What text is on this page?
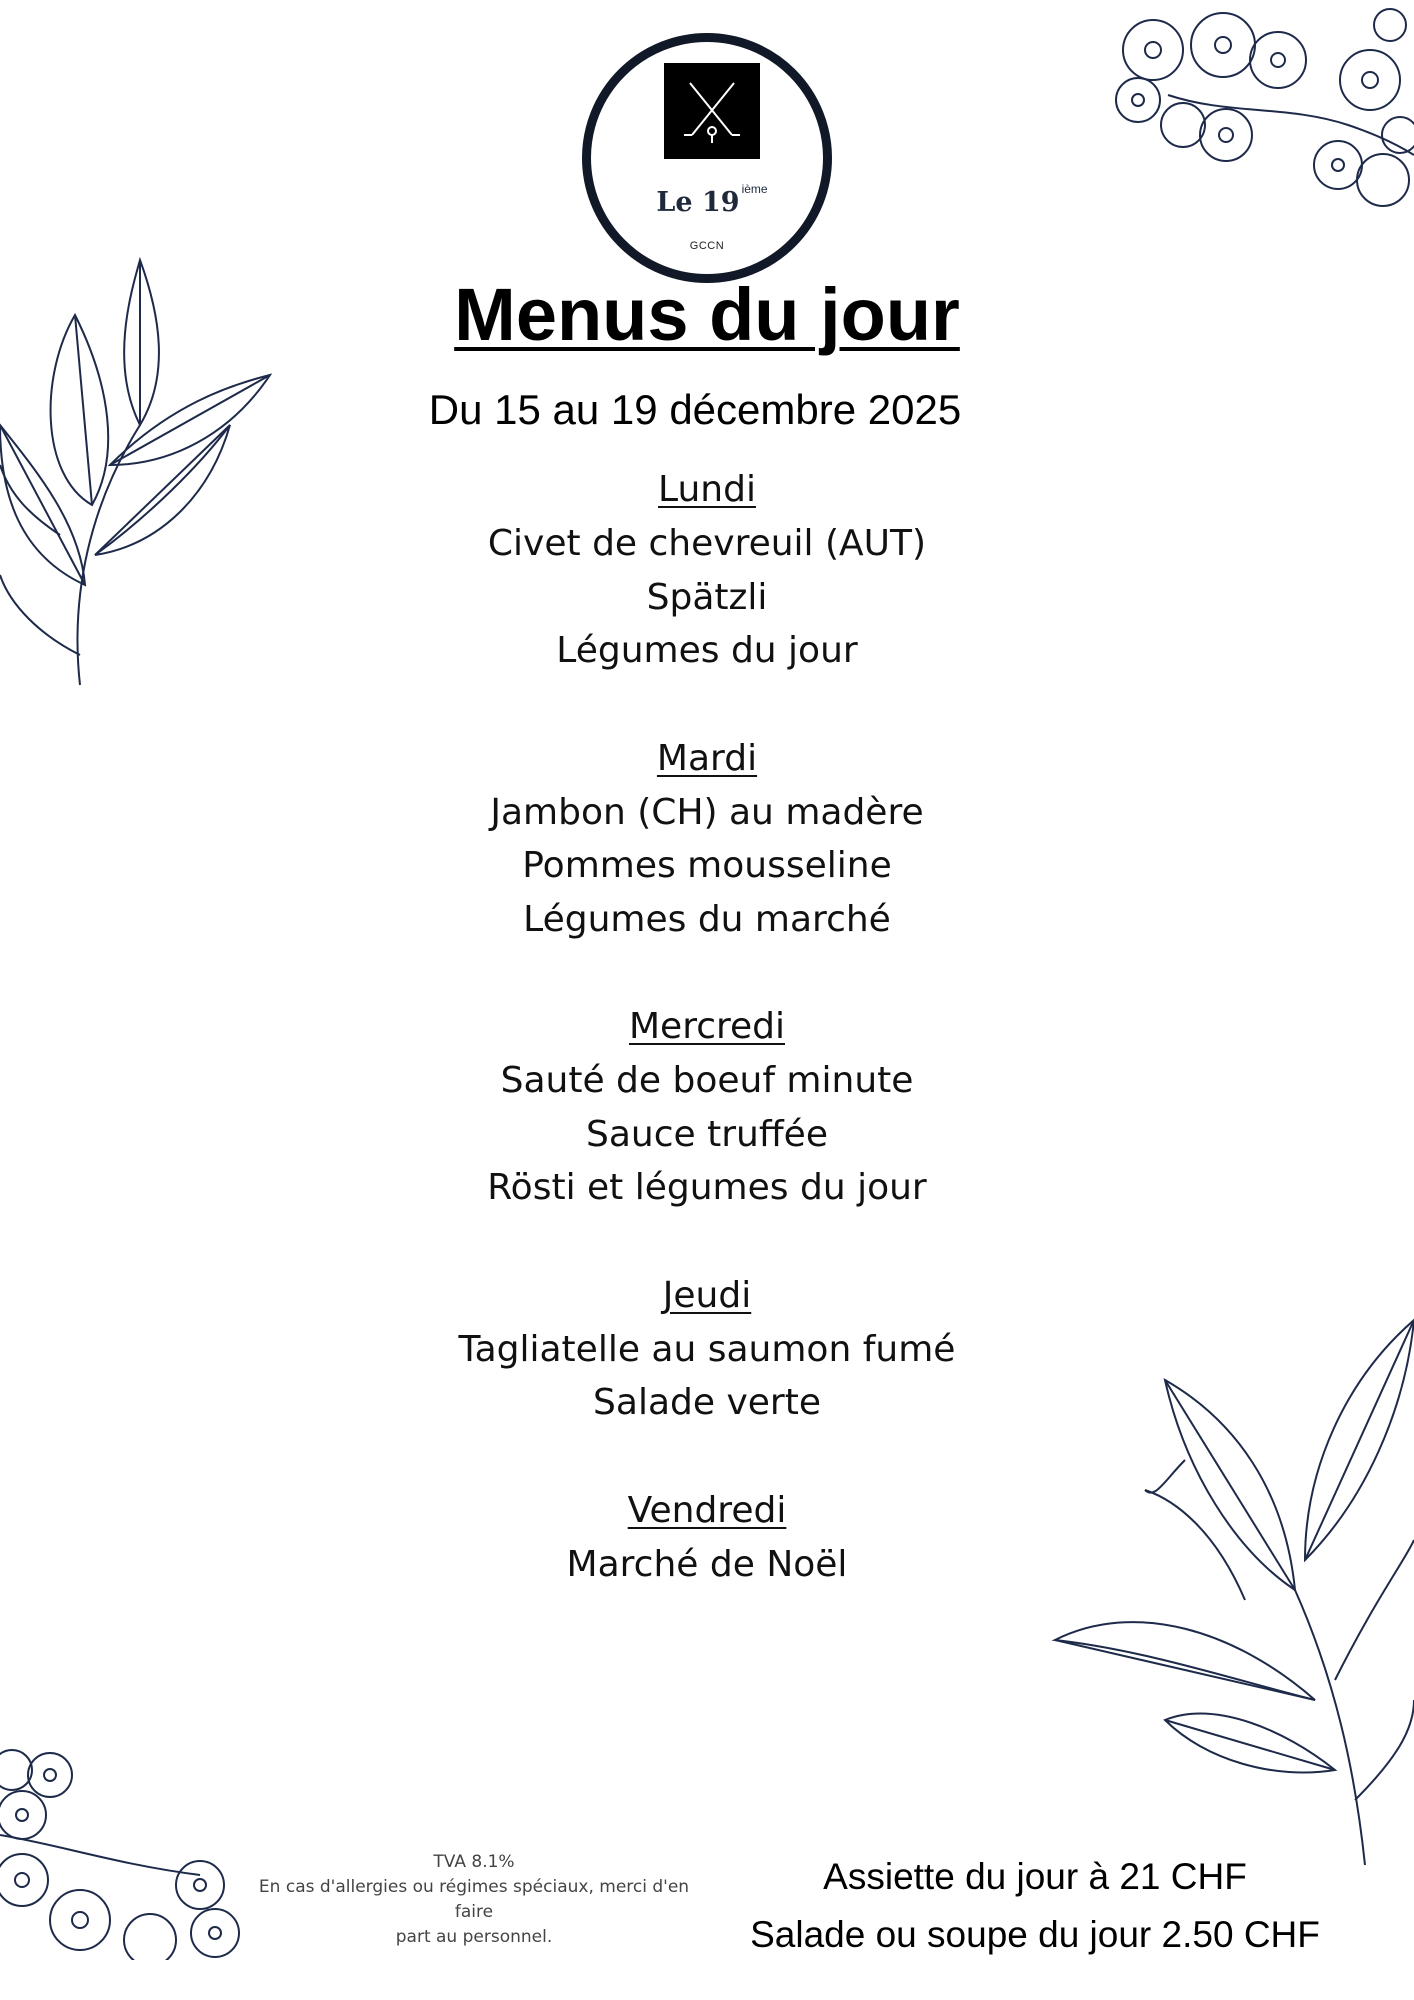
Le 19 $^{ième}$
GCCN
Menus du jour
Du 15 au 19 décembre 2025
Lundi
Civet de chevreuil (AUT)
Spätzli
Légumes du jour
Mardi
Jambon (CH) au madère
Pommes mousseline
Légumes du marché
Mercredi
Sauté de boeuf minute
Sauce truffée
Rösti et légumes du jour
Jeudi
Tagliatelle au saumon fumé
Salade verte
Vendredi
Marché de Noël
TVA 8.1%
En cas d'allergies ou régimes spéciaux, merci d'en faire
part au personnel.
Assiette du jour à 21 CHF
Salade ou soupe du jour 2.50 CHF
